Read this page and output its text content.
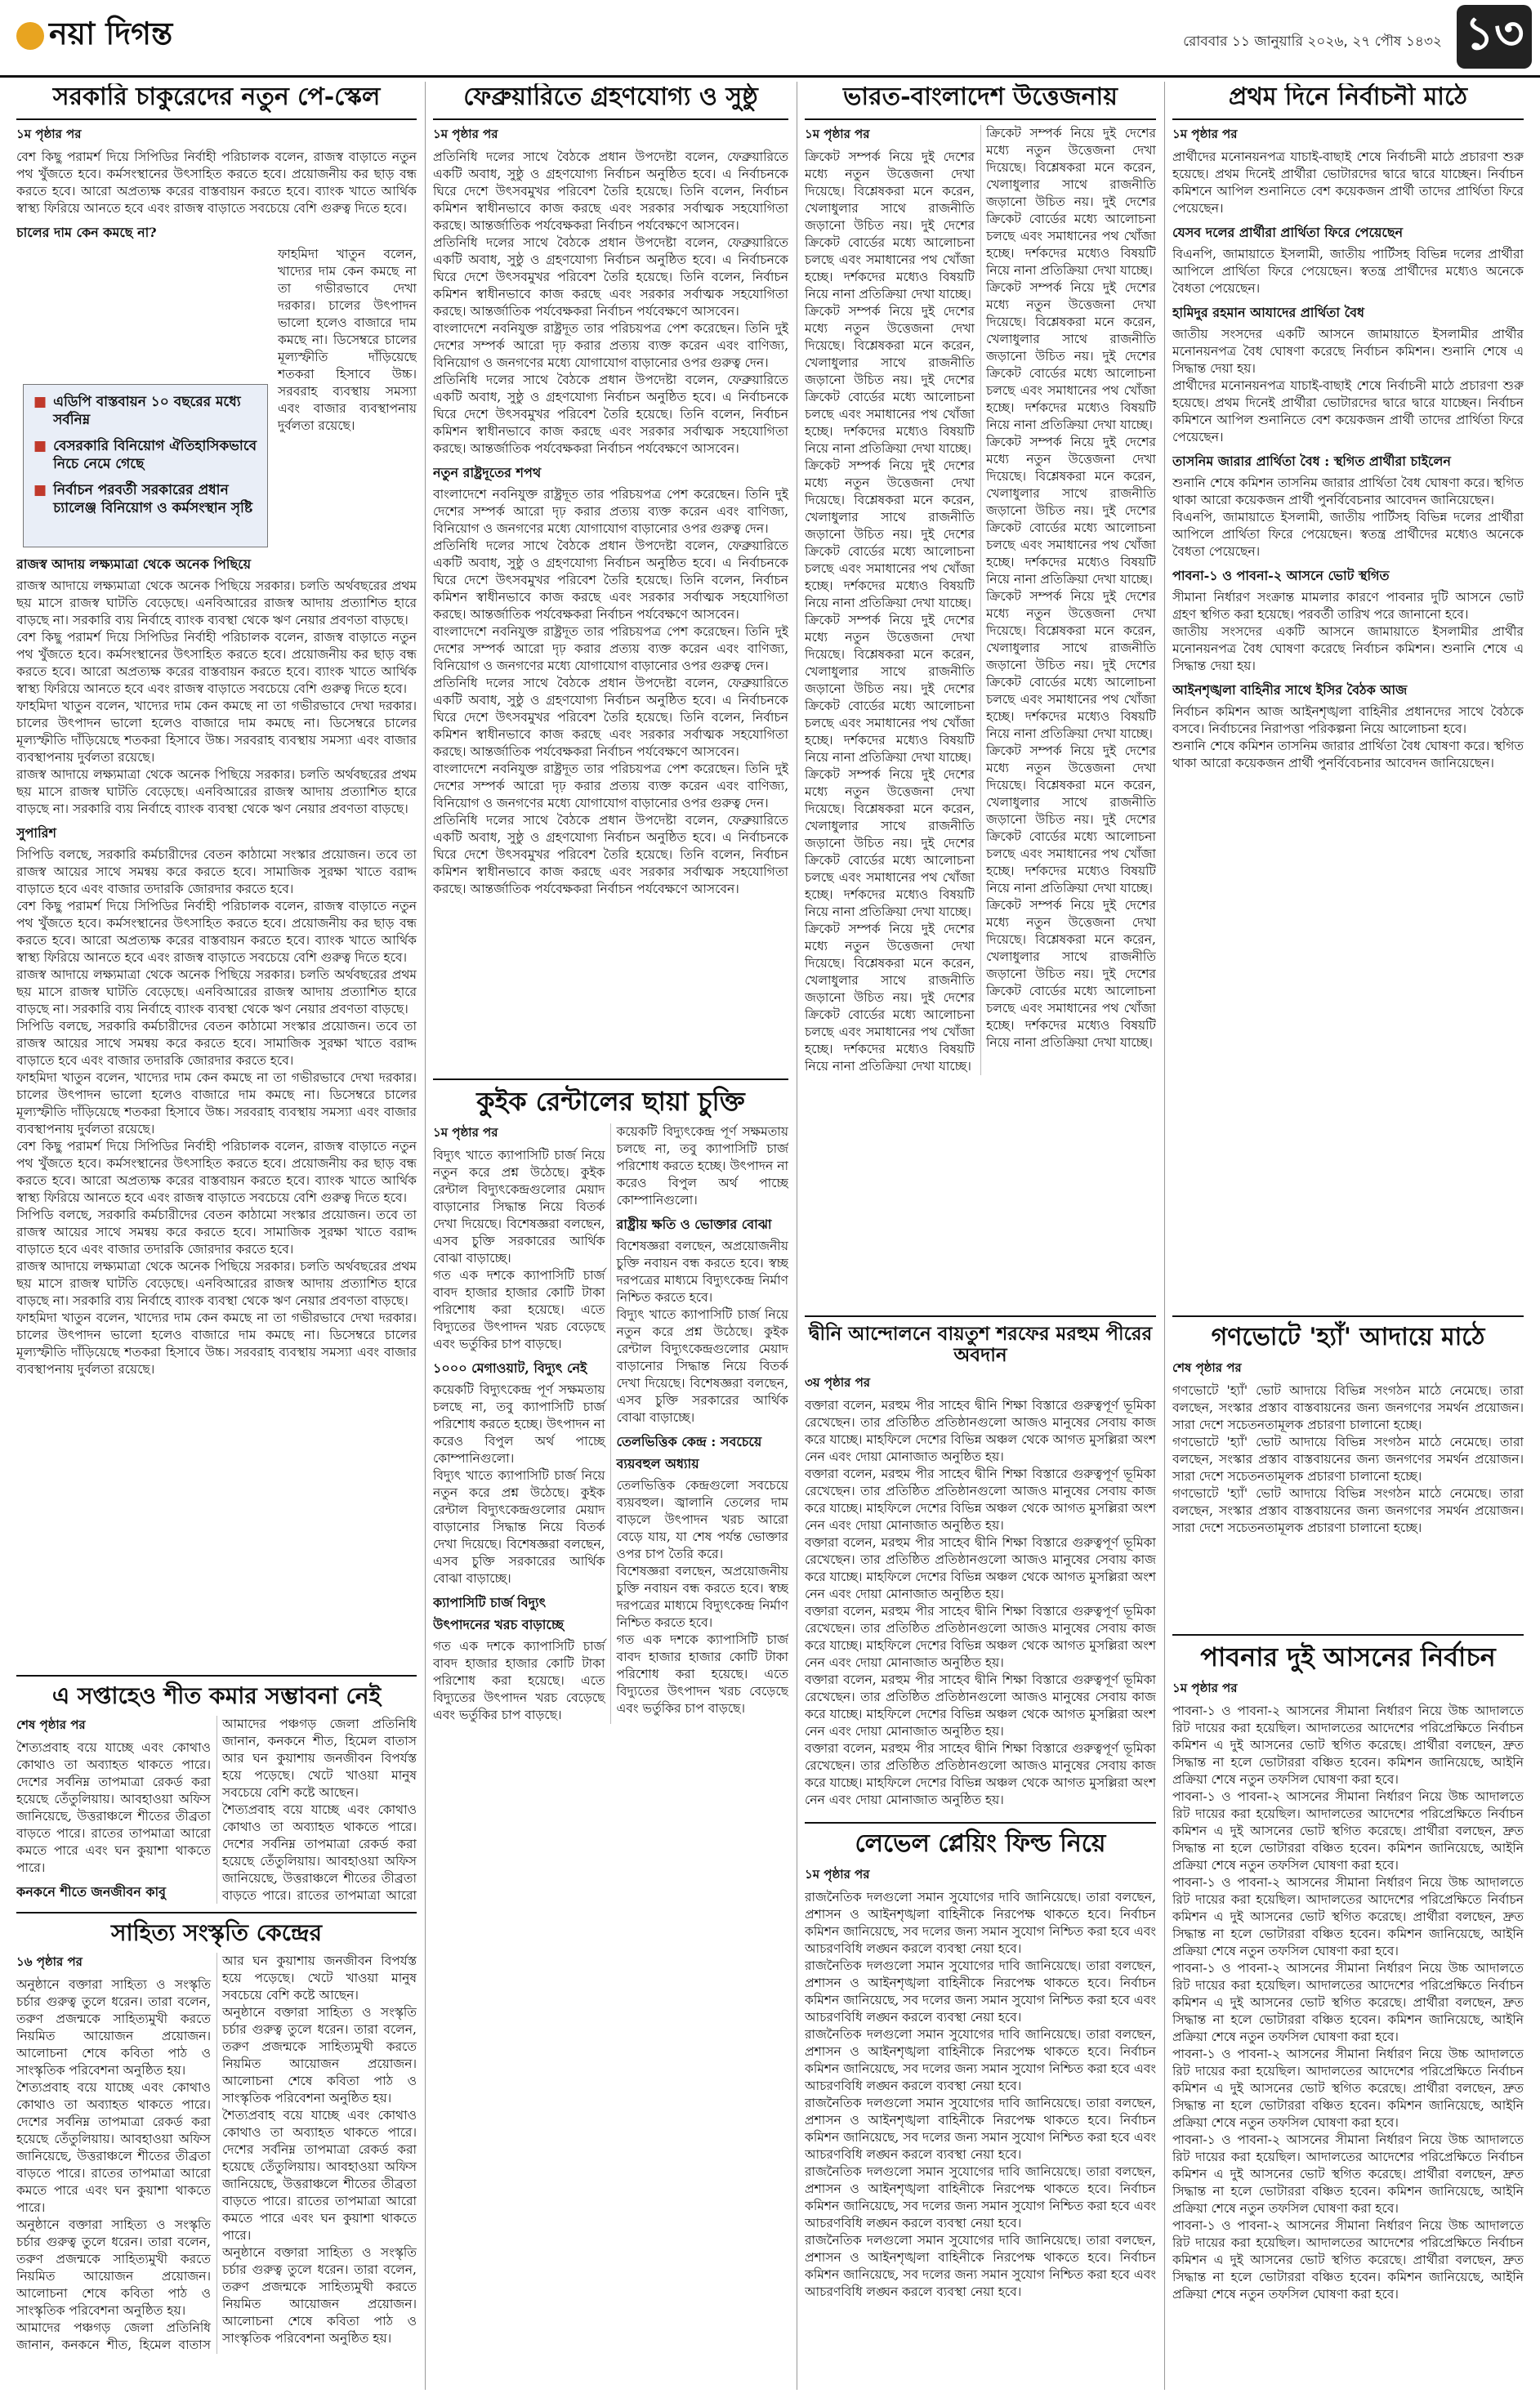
নয়া দিগন্ত	রোববার ১১ জানুয়ারি ২০২৬, ২৭ পৌষ ১৪৩২ ১৩
সরকারি চাকুরেদের নতুন পে-স্কেল

১ম পৃষ্ঠার পর

বেশ কিছু পরামর্শ দিয়ে সিপিডির নির্বাহী পরিচালক বলেন, রাজস্ব বাড়াতে নতুন পথ খুঁজতে হবে। কর্মসংস্থানের উৎসাহিত করতে হবে। প্রয়োজনীয় কর ছাড় বন্ধ করতে হবে। আরো অপ্রত্যক্ষ করের বাস্তবায়ন করতে হবে। ব্যাংক খাতে আর্থিক স্বাস্থ্য ফিরিয়ে আনতে হবে এবং রাজস্ব বাড়াতে সবচেয়ে বেশি গুরুত্ব দিতে হবে।

চালের দাম কেন কমছে না?

ফাহমিদা খাতুন বলেন, খাদ্যের দাম কেন কমছে না তা গভীরভাবে দেখা দরকার। চালের উৎপাদন ভালো হলেও বাজারে দাম কমছে না। ডিসেম্বরে চালের মূল্যস্ফীতি দাঁড়িয়েছে শতকরা হিসাবে উচ্চ। সরবরাহ ব্যবস্থায় সমস্যা এবং বাজার ব্যবস্থাপনায় দুর্বলতা রয়েছে।

রাজস্ব আদায় লক্ষ্যমাত্রা থেকে অনেক পিছিয়ে

রাজস্ব আদায়ে লক্ষ্যমাত্রা থেকে অনেক পিছিয়ে সরকার। চলতি অর্থবছরের প্রথম ছয় মাসে রাজস্ব ঘাটতি বেড়েছে। এনবিআরের রাজস্ব আদায় প্রত্যাশিত হারে বাড়ছে না। সরকারি ব্যয় নির্বাহে ব্যাংক ব্যবস্থা থেকে ঋণ নেয়ার প্রবণতা বাড়ছে।

বেশ কিছু পরামর্শ দিয়ে সিপিডির নির্বাহী পরিচালক বলেন, রাজস্ব বাড়াতে নতুন পথ খুঁজতে হবে। কর্মসংস্থানের উৎসাহিত করতে হবে। প্রয়োজনীয় কর ছাড় বন্ধ করতে হবে। আরো অপ্রত্যক্ষ করের বাস্তবায়ন করতে হবে। ব্যাংক খাতে আর্থিক স্বাস্থ্য ফিরিয়ে আনতে হবে এবং রাজস্ব বাড়াতে সবচেয়ে বেশি গুরুত্ব দিতে হবে।

ফাহমিদা খাতুন বলেন, খাদ্যের দাম কেন কমছে না তা গভীরভাবে দেখা দরকার। চালের উৎপাদন ভালো হলেও বাজারে দাম কমছে না। ডিসেম্বরে চালের মূল্যস্ফীতি দাঁড়িয়েছে শতকরা হিসাবে উচ্চ। সরবরাহ ব্যবস্থায় সমস্যা এবং বাজার ব্যবস্থাপনায় দুর্বলতা রয়েছে।

রাজস্ব আদায়ে লক্ষ্যমাত্রা থেকে অনেক পিছিয়ে সরকার। চলতি অর্থবছরের প্রথম ছয় মাসে রাজস্ব ঘাটতি বেড়েছে। এনবিআরের রাজস্ব আদায় প্রত্যাশিত হারে বাড়ছে না। সরকারি ব্যয় নির্বাহে ব্যাংক ব্যবস্থা থেকে ঋণ নেয়ার প্রবণতা বাড়ছে।

সুপারিশ

সিপিডি বলছে, সরকারি কর্মচারীদের বেতন কাঠামো সংস্কার প্রয়োজন। তবে তা রাজস্ব আয়ের সাথে সমন্বয় করে করতে হবে। সামাজিক সুরক্ষা খাতে বরাদ্দ বাড়াতে হবে এবং বাজার তদারকি জোরদার করতে হবে।

বেশ কিছু পরামর্শ দিয়ে সিপিডির নির্বাহী পরিচালক বলেন, রাজস্ব বাড়াতে নতুন পথ খুঁজতে হবে। কর্মসংস্থানের উৎসাহিত করতে হবে। প্রয়োজনীয় কর ছাড় বন্ধ করতে হবে। আরো অপ্রত্যক্ষ করের বাস্তবায়ন করতে হবে। ব্যাংক খাতে আর্থিক স্বাস্থ্য ফিরিয়ে আনতে হবে এবং রাজস্ব বাড়াতে সবচেয়ে বেশি গুরুত্ব দিতে হবে।

রাজস্ব আদায়ে লক্ষ্যমাত্রা থেকে অনেক পিছিয়ে সরকার। চলতি অর্থবছরের প্রথম ছয় মাসে রাজস্ব ঘাটতি বেড়েছে। এনবিআরের রাজস্ব আদায় প্রত্যাশিত হারে বাড়ছে না। সরকারি ব্যয় নির্বাহে ব্যাংক ব্যবস্থা থেকে ঋণ নেয়ার প্রবণতা বাড়ছে।

সিপিডি বলছে, সরকারি কর্মচারীদের বেতন কাঠামো সংস্কার প্রয়োজন। তবে তা রাজস্ব আয়ের সাথে সমন্বয় করে করতে হবে। সামাজিক সুরক্ষা খাতে বরাদ্দ বাড়াতে হবে এবং বাজার তদারকি জোরদার করতে হবে।

ফাহমিদা খাতুন বলেন, খাদ্যের দাম কেন কমছে না তা গভীরভাবে দেখা দরকার। চালের উৎপাদন ভালো হলেও বাজারে দাম কমছে না। ডিসেম্বরে চালের মূল্যস্ফীতি দাঁড়িয়েছে শতকরা হিসাবে উচ্চ। সরবরাহ ব্যবস্থায় সমস্যা এবং বাজার ব্যবস্থাপনায় দুর্বলতা রয়েছে।

বেশ কিছু পরামর্শ দিয়ে সিপিডির নির্বাহী পরিচালক বলেন, রাজস্ব বাড়াতে নতুন পথ খুঁজতে হবে। কর্মসংস্থানের উৎসাহিত করতে হবে। প্রয়োজনীয় কর ছাড় বন্ধ করতে হবে। আরো অপ্রত্যক্ষ করের বাস্তবায়ন করতে হবে। ব্যাংক খাতে আর্থিক স্বাস্থ্য ফিরিয়ে আনতে হবে এবং রাজস্ব বাড়াতে সবচেয়ে বেশি গুরুত্ব দিতে হবে।

সিপিডি বলছে, সরকারি কর্মচারীদের বেতন কাঠামো সংস্কার প্রয়োজন। তবে তা রাজস্ব আয়ের সাথে সমন্বয় করে করতে হবে। সামাজিক সুরক্ষা খাতে বরাদ্দ বাড়াতে হবে এবং বাজার তদারকি জোরদার করতে হবে।

রাজস্ব আদায়ে লক্ষ্যমাত্রা থেকে অনেক পিছিয়ে সরকার। চলতি অর্থবছরের প্রথম ছয় মাসে রাজস্ব ঘাটতি বেড়েছে। এনবিআরের রাজস্ব আদায় প্রত্যাশিত হারে বাড়ছে না। সরকারি ব্যয় নির্বাহে ব্যাংক ব্যবস্থা থেকে ঋণ নেয়ার প্রবণতা বাড়ছে।

ফাহমিদা খাতুন বলেন, খাদ্যের দাম কেন কমছে না তা গভীরভাবে দেখা দরকার। চালের উৎপাদন ভালো হলেও বাজারে দাম কমছে না। ডিসেম্বরে চালের মূল্যস্ফীতি দাঁড়িয়েছে শতকরা হিসাবে উচ্চ। সরবরাহ ব্যবস্থায় সমস্যা এবং বাজার ব্যবস্থাপনায় দুর্বলতা রয়েছে।

■ এডিপি বাস্তবায়ন ১০ বছরের মধ্যে সর্বনিম্ন
■ বেসরকারি বিনিয়োগ ঐতিহাসিকভাবে নিচে নেমে গেছে
■ নির্বাচন পরবর্তী সরকারের প্রধান চ্যালেঞ্জ বিনিয়োগ ও কর্মসংস্থান সৃষ্টি
এ সপ্তাহেও শীত কমার সম্ভাবনা নেই

শেষ পৃষ্ঠার পর

শৈত্যপ্রবাহ বয়ে যাচ্ছে এবং কোথাও কোথাও তা অব্যাহত থাকতে পারে। দেশের সর্বনিম্ন তাপমাত্রা রেকর্ড করা হয়েছে তেঁতুলিয়ায়। আবহাওয়া অফিস জানিয়েছে, উত্তরাঞ্চলে শীতের তীব্রতা বাড়তে পারে। রাতের তাপমাত্রা আরো কমতে পারে এবং ঘন কুয়াশা থাকতে পারে।

কনকনে শীতে জনজীবন কাবু

আমাদের পঞ্চগড় জেলা প্রতিনিধি জানান, কনকনে শীত, হিমেল বাতাস আর ঘন কুয়াশায় জনজীবন বিপর্যস্ত হয়ে পড়েছে। খেটে খাওয়া মানুষ সবচেয়ে বেশি কষ্টে আছেন।

শৈত্যপ্রবাহ বয়ে যাচ্ছে এবং কোথাও কোথাও তা অব্যাহত থাকতে পারে। দেশের সর্বনিম্ন তাপমাত্রা রেকর্ড করা হয়েছে তেঁতুলিয়ায়। আবহাওয়া অফিস জানিয়েছে, উত্তরাঞ্চলে শীতের তীব্রতা বাড়তে পারে। রাতের তাপমাত্রা আরো

সাহিত্য সংস্কৃতি কেন্দ্রের

১৬ পৃষ্ঠার পর

অনুষ্ঠানে বক্তারা সাহিত্য ও সংস্কৃতি চর্চার গুরুত্ব তুলে ধরেন। তারা বলেন, তরুণ প্রজন্মকে সাহিত্যমুখী করতে নিয়মিত আয়োজন প্রয়োজন। আলোচনা শেষে কবিতা পাঠ ও সাংস্কৃতিক পরিবেশনা অনুষ্ঠিত হয়।

শৈত্যপ্রবাহ বয়ে যাচ্ছে এবং কোথাও কোথাও তা অব্যাহত থাকতে পারে। দেশের সর্বনিম্ন তাপমাত্রা রেকর্ড করা হয়েছে তেঁতুলিয়ায়। আবহাওয়া অফিস জানিয়েছে, উত্তরাঞ্চলে শীতের তীব্রতা বাড়তে পারে। রাতের তাপমাত্রা আরো কমতে পারে এবং ঘন কুয়াশা থাকতে পারে।

অনুষ্ঠানে বক্তারা সাহিত্য ও সংস্কৃতি চর্চার গুরুত্ব তুলে ধরেন। তারা বলেন, তরুণ প্রজন্মকে সাহিত্যমুখী করতে নিয়মিত আয়োজন প্রয়োজন। আলোচনা শেষে কবিতা পাঠ ও সাংস্কৃতিক পরিবেশনা অনুষ্ঠিত হয়।

আমাদের পঞ্চগড় জেলা প্রতিনিধি জানান, কনকনে শীত, হিমেল বাতাস আর ঘন কুয়াশায় জনজীবন বিপর্যস্ত হয়ে পড়েছে। খেটে খাওয়া মানুষ সবচেয়ে বেশি কষ্টে আছেন।

অনুষ্ঠানে বক্তারা সাহিত্য ও সংস্কৃতি চর্চার গুরুত্ব তুলে ধরেন। তারা বলেন, তরুণ প্রজন্মকে সাহিত্যমুখী করতে নিয়মিত আয়োজন প্রয়োজন। আলোচনা শেষে কবিতা পাঠ ও সাংস্কৃতিক পরিবেশনা অনুষ্ঠিত হয়।

শৈত্যপ্রবাহ বয়ে যাচ্ছে এবং কোথাও কোথাও তা অব্যাহত থাকতে পারে। দেশের সর্বনিম্ন তাপমাত্রা রেকর্ড করা হয়েছে তেঁতুলিয়ায়। আবহাওয়া অফিস জানিয়েছে, উত্তরাঞ্চলে শীতের তীব্রতা বাড়তে পারে। রাতের তাপমাত্রা আরো কমতে পারে এবং ঘন কুয়াশা থাকতে পারে।

অনুষ্ঠানে বক্তারা সাহিত্য ও সংস্কৃতি চর্চার গুরুত্ব তুলে ধরেন। তারা বলেন, তরুণ প্রজন্মকে সাহিত্যমুখী করতে নিয়মিত আয়োজন প্রয়োজন। আলোচনা শেষে কবিতা পাঠ ও সাংস্কৃতিক পরিবেশনা অনুষ্ঠিত হয়।

ফেব্রুয়ারিতে গ্রহণযোগ্য ও সুষ্ঠু

১ম পৃষ্ঠার পর

প্রতিনিধি দলের সাথে বৈঠকে প্রধান উপদেষ্টা বলেন, ফেব্রুয়ারিতে একটি অবাধ, সুষ্ঠু ও গ্রহণযোগ্য নির্বাচন অনুষ্ঠিত হবে। এ নির্বাচনকে ঘিরে দেশে উৎসবমুখর পরিবেশ তৈরি হয়েছে। তিনি বলেন, নির্বাচন কমিশন স্বাধীনভাবে কাজ করছে এবং সরকার সর্বাত্মক সহযোগিতা করছে। আন্তর্জাতিক পর্যবেক্ষকরা নির্বাচন পর্যবেক্ষণে আসবেন।

প্রতিনিধি দলের সাথে বৈঠকে প্রধান উপদেষ্টা বলেন, ফেব্রুয়ারিতে একটি অবাধ, সুষ্ঠু ও গ্রহণযোগ্য নির্বাচন অনুষ্ঠিত হবে। এ নির্বাচনকে ঘিরে দেশে উৎসবমুখর পরিবেশ তৈরি হয়েছে। তিনি বলেন, নির্বাচন কমিশন স্বাধীনভাবে কাজ করছে এবং সরকার সর্বাত্মক সহযোগিতা করছে। আন্তর্জাতিক পর্যবেক্ষকরা নির্বাচন পর্যবেক্ষণে আসবেন।

বাংলাদেশে নবনিযুক্ত রাষ্ট্রদূত তার পরিচয়পত্র পেশ করেছেন। তিনি দুই দেশের সম্পর্ক আরো দৃঢ় করার প্রত্যয় ব্যক্ত করেন এবং বাণিজ্য, বিনিয়োগ ও জনগণের মধ্যে যোগাযোগ বাড়ানোর ওপর গুরুত্ব দেন।

প্রতিনিধি দলের সাথে বৈঠকে প্রধান উপদেষ্টা বলেন, ফেব্রুয়ারিতে একটি অবাধ, সুষ্ঠু ও গ্রহণযোগ্য নির্বাচন অনুষ্ঠিত হবে। এ নির্বাচনকে ঘিরে দেশে উৎসবমুখর পরিবেশ তৈরি হয়েছে। তিনি বলেন, নির্বাচন কমিশন স্বাধীনভাবে কাজ করছে এবং সরকার সর্বাত্মক সহযোগিতা করছে। আন্তর্জাতিক পর্যবেক্ষকরা নির্বাচন পর্যবেক্ষণে আসবেন।

নতুন রাষ্ট্রদূতের শপথ

বাংলাদেশে নবনিযুক্ত রাষ্ট্রদূত তার পরিচয়পত্র পেশ করেছেন। তিনি দুই দেশের সম্পর্ক আরো দৃঢ় করার প্রত্যয় ব্যক্ত করেন এবং বাণিজ্য, বিনিয়োগ ও জনগণের মধ্যে যোগাযোগ বাড়ানোর ওপর গুরুত্ব দেন।

প্রতিনিধি দলের সাথে বৈঠকে প্রধান উপদেষ্টা বলেন, ফেব্রুয়ারিতে একটি অবাধ, সুষ্ঠু ও গ্রহণযোগ্য নির্বাচন অনুষ্ঠিত হবে। এ নির্বাচনকে ঘিরে দেশে উৎসবমুখর পরিবেশ তৈরি হয়েছে। তিনি বলেন, নির্বাচন কমিশন স্বাধীনভাবে কাজ করছে এবং সরকার সর্বাত্মক সহযোগিতা করছে। আন্তর্জাতিক পর্যবেক্ষকরা নির্বাচন পর্যবেক্ষণে আসবেন।

বাংলাদেশে নবনিযুক্ত রাষ্ট্রদূত তার পরিচয়পত্র পেশ করেছেন। তিনি দুই দেশের সম্পর্ক আরো দৃঢ় করার প্রত্যয় ব্যক্ত করেন এবং বাণিজ্য, বিনিয়োগ ও জনগণের মধ্যে যোগাযোগ বাড়ানোর ওপর গুরুত্ব দেন।

প্রতিনিধি দলের সাথে বৈঠকে প্রধান উপদেষ্টা বলেন, ফেব্রুয়ারিতে একটি অবাধ, সুষ্ঠু ও গ্রহণযোগ্য নির্বাচন অনুষ্ঠিত হবে। এ নির্বাচনকে ঘিরে দেশে উৎসবমুখর পরিবেশ তৈরি হয়েছে। তিনি বলেন, নির্বাচন কমিশন স্বাধীনভাবে কাজ করছে এবং সরকার সর্বাত্মক সহযোগিতা করছে। আন্তর্জাতিক পর্যবেক্ষকরা নির্বাচন পর্যবেক্ষণে আসবেন।

বাংলাদেশে নবনিযুক্ত রাষ্ট্রদূত তার পরিচয়পত্র পেশ করেছেন। তিনি দুই দেশের সম্পর্ক আরো দৃঢ় করার প্রত্যয় ব্যক্ত করেন এবং বাণিজ্য, বিনিয়োগ ও জনগণের মধ্যে যোগাযোগ বাড়ানোর ওপর গুরুত্ব দেন।

প্রতিনিধি দলের সাথে বৈঠকে প্রধান উপদেষ্টা বলেন, ফেব্রুয়ারিতে একটি অবাধ, সুষ্ঠু ও গ্রহণযোগ্য নির্বাচন অনুষ্ঠিত হবে। এ নির্বাচনকে ঘিরে দেশে উৎসবমুখর পরিবেশ তৈরি হয়েছে। তিনি বলেন, নির্বাচন কমিশন স্বাধীনভাবে কাজ করছে এবং সরকার সর্বাত্মক সহযোগিতা করছে। আন্তর্জাতিক পর্যবেক্ষকরা নির্বাচন পর্যবেক্ষণে আসবেন।

কুইক রেন্টালের ছায়া চুক্তি

১ম পৃষ্ঠার পর

বিদ্যুৎ খাতে ক্যাপাসিটি চার্জ নিয়ে নতুন করে প্রশ্ন উঠেছে। কুইক রেন্টাল বিদ্যুৎকেন্দ্রগুলোর মেয়াদ বাড়ানোর সিদ্ধান্ত নিয়ে বিতর্ক দেখা দিয়েছে। বিশেষজ্ঞরা বলছেন, এসব চুক্তি সরকারের আর্থিক বোঝা বাড়াচ্ছে।

গত এক দশকে ক্যাপাসিটি চার্জ বাবদ হাজার হাজার কোটি টাকা পরিশোধ করা হয়েছে। এতে বিদ্যুতের উৎপাদন খরচ বেড়েছে এবং ভর্তুকির চাপ বাড়ছে।

১০০০ মেগাওয়াট, বিদ্যুৎ নেই

কয়েকটি বিদ্যুৎকেন্দ্র পূর্ণ সক্ষমতায় চলছে না, তবু ক্যাপাসিটি চার্জ পরিশোধ করতে হচ্ছে। উৎপাদন না করেও বিপুল অর্থ পাচ্ছে কোম্পানিগুলো।

বিদ্যুৎ খাতে ক্যাপাসিটি চার্জ নিয়ে নতুন করে প্রশ্ন উঠেছে। কুইক রেন্টাল বিদ্যুৎকেন্দ্রগুলোর মেয়াদ বাড়ানোর সিদ্ধান্ত নিয়ে বিতর্ক দেখা দিয়েছে। বিশেষজ্ঞরা বলছেন, এসব চুক্তি সরকারের আর্থিক বোঝা বাড়াচ্ছে।

ক্যাপাসিটি চার্জ বিদ্যুৎ উৎপাদনের খরচ বাড়াচ্ছে

গত এক দশকে ক্যাপাসিটি চার্জ বাবদ হাজার হাজার কোটি টাকা পরিশোধ করা হয়েছে। এতে বিদ্যুতের উৎপাদন খরচ বেড়েছে এবং ভর্তুকির চাপ বাড়ছে।

কয়েকটি বিদ্যুৎকেন্দ্র পূর্ণ সক্ষমতায় চলছে না, তবু ক্যাপাসিটি চার্জ পরিশোধ করতে হচ্ছে। উৎপাদন না করেও বিপুল অর্থ পাচ্ছে কোম্পানিগুলো।

রাষ্ট্রীয় ক্ষতি ও ভোক্তার বোঝা

বিশেষজ্ঞরা বলছেন, অপ্রয়োজনীয় চুক্তি নবায়ন বন্ধ করতে হবে। স্বচ্ছ দরপত্রের মাধ্যমে বিদ্যুৎকেন্দ্র নির্মাণ নিশ্চিত করতে হবে।

বিদ্যুৎ খাতে ক্যাপাসিটি চার্জ নিয়ে নতুন করে প্রশ্ন উঠেছে। কুইক রেন্টাল বিদ্যুৎকেন্দ্রগুলোর মেয়াদ বাড়ানোর সিদ্ধান্ত নিয়ে বিতর্ক দেখা দিয়েছে। বিশেষজ্ঞরা বলছেন, এসব চুক্তি সরকারের আর্থিক বোঝা বাড়াচ্ছে।

তেলভিত্তিক কেন্দ্র : সবচেয়ে ব্যয়বহুল অধ্যায়

তেলভিত্তিক কেন্দ্রগুলো সবচেয়ে ব্যয়বহুল। জ্বালানি তেলের দাম বাড়লে উৎপাদন খরচ আরো বেড়ে যায়, যা শেষ পর্যন্ত ভোক্তার ওপর চাপ তৈরি করে।

বিশেষজ্ঞরা বলছেন, অপ্রয়োজনীয় চুক্তি নবায়ন বন্ধ করতে হবে। স্বচ্ছ দরপত্রের মাধ্যমে বিদ্যুৎকেন্দ্র নির্মাণ নিশ্চিত করতে হবে।

গত এক দশকে ক্যাপাসিটি চার্জ বাবদ হাজার হাজার কোটি টাকা পরিশোধ করা হয়েছে। এতে বিদ্যুতের উৎপাদন খরচ বেড়েছে এবং ভর্তুকির চাপ বাড়ছে।

ভারত-বাংলাদেশ উত্তেজনায়

১ম পৃষ্ঠার পর

ক্রিকেট সম্পর্ক নিয়ে দুই দেশের মধ্যে নতুন উত্তেজনা দেখা দিয়েছে। বিশ্লেষকরা মনে করেন, খেলাধুলার সাথে রাজনীতি জড়ানো উচিত নয়। দুই দেশের ক্রিকেট বোর্ডের মধ্যে আলোচনা চলছে এবং সমাধানের পথ খোঁজা হচ্ছে। দর্শকদের মধ্যেও বিষয়টি নিয়ে নানা প্রতিক্রিয়া দেখা যাচ্ছে।

ক্রিকেট সম্পর্ক নিয়ে দুই দেশের মধ্যে নতুন উত্তেজনা দেখা দিয়েছে। বিশ্লেষকরা মনে করেন, খেলাধুলার সাথে রাজনীতি জড়ানো উচিত নয়। দুই দেশের ক্রিকেট বোর্ডের মধ্যে আলোচনা চলছে এবং সমাধানের পথ খোঁজা হচ্ছে। দর্শকদের মধ্যেও বিষয়টি নিয়ে নানা প্রতিক্রিয়া দেখা যাচ্ছে।

ক্রিকেট সম্পর্ক নিয়ে দুই দেশের মধ্যে নতুন উত্তেজনা দেখা দিয়েছে। বিশ্লেষকরা মনে করেন, খেলাধুলার সাথে রাজনীতি জড়ানো উচিত নয়। দুই দেশের ক্রিকেট বোর্ডের মধ্যে আলোচনা চলছে এবং সমাধানের পথ খোঁজা হচ্ছে। দর্শকদের মধ্যেও বিষয়টি নিয়ে নানা প্রতিক্রিয়া দেখা যাচ্ছে।

ক্রিকেট সম্পর্ক নিয়ে দুই দেশের মধ্যে নতুন উত্তেজনা দেখা দিয়েছে। বিশ্লেষকরা মনে করেন, খেলাধুলার সাথে রাজনীতি জড়ানো উচিত নয়। দুই দেশের ক্রিকেট বোর্ডের মধ্যে আলোচনা চলছে এবং সমাধানের পথ খোঁজা হচ্ছে। দর্শকদের মধ্যেও বিষয়টি নিয়ে নানা প্রতিক্রিয়া দেখা যাচ্ছে।

ক্রিকেট সম্পর্ক নিয়ে দুই দেশের মধ্যে নতুন উত্তেজনা দেখা দিয়েছে। বিশ্লেষকরা মনে করেন, খেলাধুলার সাথে রাজনীতি জড়ানো উচিত নয়। দুই দেশের ক্রিকেট বোর্ডের মধ্যে আলোচনা চলছে এবং সমাধানের পথ খোঁজা হচ্ছে। দর্শকদের মধ্যেও বিষয়টি নিয়ে নানা প্রতিক্রিয়া দেখা যাচ্ছে।

ক্রিকেট সম্পর্ক নিয়ে দুই দেশের মধ্যে নতুন উত্তেজনা দেখা দিয়েছে। বিশ্লেষকরা মনে করেন, খেলাধুলার সাথে রাজনীতি জড়ানো উচিত নয়। দুই দেশের ক্রিকেট বোর্ডের মধ্যে আলোচনা চলছে এবং সমাধানের পথ খোঁজা হচ্ছে। দর্শকদের মধ্যেও বিষয়টি নিয়ে নানা প্রতিক্রিয়া দেখা যাচ্ছে।

ক্রিকেট সম্পর্ক নিয়ে দুই দেশের মধ্যে নতুন উত্তেজনা দেখা দিয়েছে। বিশ্লেষকরা মনে করেন, খেলাধুলার সাথে রাজনীতি জড়ানো উচিত নয়। দুই দেশের ক্রিকেট বোর্ডের মধ্যে আলোচনা চলছে এবং সমাধানের পথ খোঁজা হচ্ছে। দর্শকদের মধ্যেও বিষয়টি নিয়ে নানা প্রতিক্রিয়া দেখা যাচ্ছে।

ক্রিকেট সম্পর্ক নিয়ে দুই দেশের মধ্যে নতুন উত্তেজনা দেখা দিয়েছে। বিশ্লেষকরা মনে করেন, খেলাধুলার সাথে রাজনীতি জড়ানো উচিত নয়। দুই দেশের ক্রিকেট বোর্ডের মধ্যে আলোচনা চলছে এবং সমাধানের পথ খোঁজা হচ্ছে। দর্শকদের মধ্যেও বিষয়টি নিয়ে নানা প্রতিক্রিয়া দেখা যাচ্ছে।

ক্রিকেট সম্পর্ক নিয়ে দুই দেশের মধ্যে নতুন উত্তেজনা দেখা দিয়েছে। বিশ্লেষকরা মনে করেন, খেলাধুলার সাথে রাজনীতি জড়ানো উচিত নয়। দুই দেশের ক্রিকেট বোর্ডের মধ্যে আলোচনা চলছে এবং সমাধানের পথ খোঁজা হচ্ছে। দর্শকদের মধ্যেও বিষয়টি নিয়ে নানা প্রতিক্রিয়া দেখা যাচ্ছে।

ক্রিকেট সম্পর্ক নিয়ে দুই দেশের মধ্যে নতুন উত্তেজনা দেখা দিয়েছে। বিশ্লেষকরা মনে করেন, খেলাধুলার সাথে রাজনীতি জড়ানো উচিত নয়। দুই দেশের ক্রিকেট বোর্ডের মধ্যে আলোচনা চলছে এবং সমাধানের পথ খোঁজা হচ্ছে। দর্শকদের মধ্যেও বিষয়টি নিয়ে নানা প্রতিক্রিয়া দেখা যাচ্ছে।

ক্রিকেট সম্পর্ক নিয়ে দুই দেশের মধ্যে নতুন উত্তেজনা দেখা দিয়েছে। বিশ্লেষকরা মনে করেন, খেলাধুলার সাথে রাজনীতি জড়ানো উচিত নয়। দুই দেশের ক্রিকেট বোর্ডের মধ্যে আলোচনা চলছে এবং সমাধানের পথ খোঁজা হচ্ছে। দর্শকদের মধ্যেও বিষয়টি নিয়ে নানা প্রতিক্রিয়া দেখা যাচ্ছে।

ক্রিকেট সম্পর্ক নিয়ে দুই দেশের মধ্যে নতুন উত্তেজনা দেখা দিয়েছে। বিশ্লেষকরা মনে করেন, খেলাধুলার সাথে রাজনীতি জড়ানো উচিত নয়। দুই দেশের ক্রিকেট বোর্ডের মধ্যে আলোচনা চলছে এবং সমাধানের পথ খোঁজা হচ্ছে। দর্শকদের মধ্যেও বিষয়টি নিয়ে নানা প্রতিক্রিয়া দেখা যাচ্ছে।

দ্বীনি আন্দোলনে বায়তুশ শরফের মরহুম পীরের অবদান

৩য় পৃষ্ঠার পর

বক্তারা বলেন, মরহুম পীর সাহেব দ্বীনি শিক্ষা বিস্তারে গুরুত্বপূর্ণ ভূমিকা রেখেছেন। তার প্রতিষ্ঠিত প্রতিষ্ঠানগুলো আজও মানুষের সেবায় কাজ করে যাচ্ছে। মাহফিলে দেশের বিভিন্ন অঞ্চল থেকে আগত মুসল্লিরা অংশ নেন এবং দোয়া মোনাজাত অনুষ্ঠিত হয়।

বক্তারা বলেন, মরহুম পীর সাহেব দ্বীনি শিক্ষা বিস্তারে গুরুত্বপূর্ণ ভূমিকা রেখেছেন। তার প্রতিষ্ঠিত প্রতিষ্ঠানগুলো আজও মানুষের সেবায় কাজ করে যাচ্ছে। মাহফিলে দেশের বিভিন্ন অঞ্চল থেকে আগত মুসল্লিরা অংশ নেন এবং দোয়া মোনাজাত অনুষ্ঠিত হয়।

বক্তারা বলেন, মরহুম পীর সাহেব দ্বীনি শিক্ষা বিস্তারে গুরুত্বপূর্ণ ভূমিকা রেখেছেন। তার প্রতিষ্ঠিত প্রতিষ্ঠানগুলো আজও মানুষের সেবায় কাজ করে যাচ্ছে। মাহফিলে দেশের বিভিন্ন অঞ্চল থেকে আগত মুসল্লিরা অংশ নেন এবং দোয়া মোনাজাত অনুষ্ঠিত হয়।

বক্তারা বলেন, মরহুম পীর সাহেব দ্বীনি শিক্ষা বিস্তারে গুরুত্বপূর্ণ ভূমিকা রেখেছেন। তার প্রতিষ্ঠিত প্রতিষ্ঠানগুলো আজও মানুষের সেবায় কাজ করে যাচ্ছে। মাহফিলে দেশের বিভিন্ন অঞ্চল থেকে আগত মুসল্লিরা অংশ নেন এবং দোয়া মোনাজাত অনুষ্ঠিত হয়।

বক্তারা বলেন, মরহুম পীর সাহেব দ্বীনি শিক্ষা বিস্তারে গুরুত্বপূর্ণ ভূমিকা রেখেছেন। তার প্রতিষ্ঠিত প্রতিষ্ঠানগুলো আজও মানুষের সেবায় কাজ করে যাচ্ছে। মাহফিলে দেশের বিভিন্ন অঞ্চল থেকে আগত মুসল্লিরা অংশ নেন এবং দোয়া মোনাজাত অনুষ্ঠিত হয়।

বক্তারা বলেন, মরহুম পীর সাহেব দ্বীনি শিক্ষা বিস্তারে গুরুত্বপূর্ণ ভূমিকা রেখেছেন। তার প্রতিষ্ঠিত প্রতিষ্ঠানগুলো আজও মানুষের সেবায় কাজ করে যাচ্ছে। মাহফিলে দেশের বিভিন্ন অঞ্চল থেকে আগত মুসল্লিরা অংশ নেন এবং দোয়া মোনাজাত অনুষ্ঠিত হয়।

লেভেল প্লেয়িং ফিল্ড নিয়ে

১ম পৃষ্ঠার পর

রাজনৈতিক দলগুলো সমান সুযোগের দাবি জানিয়েছে। তারা বলছেন, প্রশাসন ও আইনশৃঙ্খলা বাহিনীকে নিরপেক্ষ থাকতে হবে। নির্বাচন কমিশন জানিয়েছে, সব দলের জন্য সমান সুযোগ নিশ্চিত করা হবে এবং আচরণবিধি লঙ্ঘন করলে ব্যবস্থা নেয়া হবে।

রাজনৈতিক দলগুলো সমান সুযোগের দাবি জানিয়েছে। তারা বলছেন, প্রশাসন ও আইনশৃঙ্খলা বাহিনীকে নিরপেক্ষ থাকতে হবে। নির্বাচন কমিশন জানিয়েছে, সব দলের জন্য সমান সুযোগ নিশ্চিত করা হবে এবং আচরণবিধি লঙ্ঘন করলে ব্যবস্থা নেয়া হবে।

রাজনৈতিক দলগুলো সমান সুযোগের দাবি জানিয়েছে। তারা বলছেন, প্রশাসন ও আইনশৃঙ্খলা বাহিনীকে নিরপেক্ষ থাকতে হবে। নির্বাচন কমিশন জানিয়েছে, সব দলের জন্য সমান সুযোগ নিশ্চিত করা হবে এবং আচরণবিধি লঙ্ঘন করলে ব্যবস্থা নেয়া হবে।

রাজনৈতিক দলগুলো সমান সুযোগের দাবি জানিয়েছে। তারা বলছেন, প্রশাসন ও আইনশৃঙ্খলা বাহিনীকে নিরপেক্ষ থাকতে হবে। নির্বাচন কমিশন জানিয়েছে, সব দলের জন্য সমান সুযোগ নিশ্চিত করা হবে এবং আচরণবিধি লঙ্ঘন করলে ব্যবস্থা নেয়া হবে।

রাজনৈতিক দলগুলো সমান সুযোগের দাবি জানিয়েছে। তারা বলছেন, প্রশাসন ও আইনশৃঙ্খলা বাহিনীকে নিরপেক্ষ থাকতে হবে। নির্বাচন কমিশন জানিয়েছে, সব দলের জন্য সমান সুযোগ নিশ্চিত করা হবে এবং আচরণবিধি লঙ্ঘন করলে ব্যবস্থা নেয়া হবে।

রাজনৈতিক দলগুলো সমান সুযোগের দাবি জানিয়েছে। তারা বলছেন, প্রশাসন ও আইনশৃঙ্খলা বাহিনীকে নিরপেক্ষ থাকতে হবে। নির্বাচন কমিশন জানিয়েছে, সব দলের জন্য সমান সুযোগ নিশ্চিত করা হবে এবং আচরণবিধি লঙ্ঘন করলে ব্যবস্থা নেয়া হবে।

প্রথম দিনে নির্বাচনী মাঠে

১ম পৃষ্ঠার পর

প্রার্থীদের মনোনয়নপত্র যাচাই-বাছাই শেষে নির্বাচনী মাঠে প্রচারণা শুরু হয়েছে। প্রথম দিনেই প্রার্থীরা ভোটারদের দ্বারে দ্বারে যাচ্ছেন। নির্বাচন কমিশনে আপিল শুনানিতে বেশ কয়েকজন প্রার্থী তাদের প্রার্থিতা ফিরে পেয়েছেন।

যেসব দলের প্রার্থীরা প্রার্থিতা ফিরে পেয়েছেন

বিএনপি, জামায়াতে ইসলামী, জাতীয় পার্টিসহ বিভিন্ন দলের প্রার্থীরা আপিলে প্রার্থিতা ফিরে পেয়েছেন। স্বতন্ত্র প্রার্থীদের মধ্যেও অনেকে বৈধতা পেয়েছেন।

হামিদুর রহমান আযাদের প্রার্থিতা বৈধ

জাতীয় সংসদের একটি আসনে জামায়াতে ইসলামীর প্রার্থীর মনোনয়নপত্র বৈধ ঘোষণা করেছে নির্বাচন কমিশন। শুনানি শেষে এ সিদ্ধান্ত দেয়া হয়।

প্রার্থীদের মনোনয়নপত্র যাচাই-বাছাই শেষে নির্বাচনী মাঠে প্রচারণা শুরু হয়েছে। প্রথম দিনেই প্রার্থীরা ভোটারদের দ্বারে দ্বারে যাচ্ছেন। নির্বাচন কমিশনে আপিল শুনানিতে বেশ কয়েকজন প্রার্থী তাদের প্রার্থিতা ফিরে পেয়েছেন।

তাসনিম জারার প্রার্থিতা বৈধ : স্থগিত প্রার্থীরা চাইলেন

শুনানি শেষে কমিশন তাসনিম জারার প্রার্থিতা বৈধ ঘোষণা করে। স্থগিত থাকা আরো কয়েকজন প্রার্থী পুনর্বিবেচনার আবেদন জানিয়েছেন।

বিএনপি, জামায়াতে ইসলামী, জাতীয় পার্টিসহ বিভিন্ন দলের প্রার্থীরা আপিলে প্রার্থিতা ফিরে পেয়েছেন। স্বতন্ত্র প্রার্থীদের মধ্যেও অনেকে বৈধতা পেয়েছেন।

পাবনা-১ ও পাবনা-২ আসনে ভোট স্থগিত

সীমানা নির্ধারণ সংক্রান্ত মামলার কারণে পাবনার দুটি আসনে ভোট গ্রহণ স্থগিত করা হয়েছে। পরবর্তী তারিখ পরে জানানো হবে।

জাতীয় সংসদের একটি আসনে জামায়াতে ইসলামীর প্রার্থীর মনোনয়নপত্র বৈধ ঘোষণা করেছে নির্বাচন কমিশন। শুনানি শেষে এ সিদ্ধান্ত দেয়া হয়।

আইনশৃঙ্খলা বাহিনীর সাথে ইসির বৈঠক আজ

নির্বাচন কমিশন আজ আইনশৃঙ্খলা বাহিনীর প্রধানদের সাথে বৈঠকে বসবে। নির্বাচনের নিরাপত্তা পরিকল্পনা নিয়ে আলোচনা হবে।

শুনানি শেষে কমিশন তাসনিম জারার প্রার্থিতা বৈধ ঘোষণা করে। স্থগিত থাকা আরো কয়েকজন প্রার্থী পুনর্বিবেচনার আবেদন জানিয়েছেন।

গণভোটে 'হ্যাঁ' আদায়ে মাঠে

শেষ পৃষ্ঠার পর

গণভোটে 'হ্যাঁ' ভোট আদায়ে বিভিন্ন সংগঠন মাঠে নেমেছে। তারা বলছেন, সংস্কার প্রস্তাব বাস্তবায়নের জন্য জনগণের সমর্থন প্রয়োজন। সারা দেশে সচেতনতামূলক প্রচারণা চালানো হচ্ছে।

গণভোটে 'হ্যাঁ' ভোট আদায়ে বিভিন্ন সংগঠন মাঠে নেমেছে। তারা বলছেন, সংস্কার প্রস্তাব বাস্তবায়নের জন্য জনগণের সমর্থন প্রয়োজন। সারা দেশে সচেতনতামূলক প্রচারণা চালানো হচ্ছে।

গণভোটে 'হ্যাঁ' ভোট আদায়ে বিভিন্ন সংগঠন মাঠে নেমেছে। তারা বলছেন, সংস্কার প্রস্তাব বাস্তবায়নের জন্য জনগণের সমর্থন প্রয়োজন। সারা দেশে সচেতনতামূলক প্রচারণা চালানো হচ্ছে।

পাবনার দুই আসনের নির্বাচন

১ম পৃষ্ঠার পর

পাবনা-১ ও পাবনা-২ আসনের সীমানা নির্ধারণ নিয়ে উচ্চ আদালতে রিট দায়ের করা হয়েছিল। আদালতের আদেশের পরিপ্রেক্ষিতে নির্বাচন কমিশন এ দুই আসনের ভোট স্থগিত করেছে। প্রার্থীরা বলছেন, দ্রুত সিদ্ধান্ত না হলে ভোটাররা বঞ্চিত হবেন। কমিশন জানিয়েছে, আইনি প্রক্রিয়া শেষে নতুন তফসিল ঘোষণা করা হবে।

পাবনা-১ ও পাবনা-২ আসনের সীমানা নির্ধারণ নিয়ে উচ্চ আদালতে রিট দায়ের করা হয়েছিল। আদালতের আদেশের পরিপ্রেক্ষিতে নির্বাচন কমিশন এ দুই আসনের ভোট স্থগিত করেছে। প্রার্থীরা বলছেন, দ্রুত সিদ্ধান্ত না হলে ভোটাররা বঞ্চিত হবেন। কমিশন জানিয়েছে, আইনি প্রক্রিয়া শেষে নতুন তফসিল ঘোষণা করা হবে।

পাবনা-১ ও পাবনা-২ আসনের সীমানা নির্ধারণ নিয়ে উচ্চ আদালতে রিট দায়ের করা হয়েছিল। আদালতের আদেশের পরিপ্রেক্ষিতে নির্বাচন কমিশন এ দুই আসনের ভোট স্থগিত করেছে। প্রার্থীরা বলছেন, দ্রুত সিদ্ধান্ত না হলে ভোটাররা বঞ্চিত হবেন। কমিশন জানিয়েছে, আইনি প্রক্রিয়া শেষে নতুন তফসিল ঘোষণা করা হবে।

পাবনা-১ ও পাবনা-২ আসনের সীমানা নির্ধারণ নিয়ে উচ্চ আদালতে রিট দায়ের করা হয়েছিল। আদালতের আদেশের পরিপ্রেক্ষিতে নির্বাচন কমিশন এ দুই আসনের ভোট স্থগিত করেছে। প্রার্থীরা বলছেন, দ্রুত সিদ্ধান্ত না হলে ভোটাররা বঞ্চিত হবেন। কমিশন জানিয়েছে, আইনি প্রক্রিয়া শেষে নতুন তফসিল ঘোষণা করা হবে।

পাবনা-১ ও পাবনা-২ আসনের সীমানা নির্ধারণ নিয়ে উচ্চ আদালতে রিট দায়ের করা হয়েছিল। আদালতের আদেশের পরিপ্রেক্ষিতে নির্বাচন কমিশন এ দুই আসনের ভোট স্থগিত করেছে। প্রার্থীরা বলছেন, দ্রুত সিদ্ধান্ত না হলে ভোটাররা বঞ্চিত হবেন। কমিশন জানিয়েছে, আইনি প্রক্রিয়া শেষে নতুন তফসিল ঘোষণা করা হবে।

পাবনা-১ ও পাবনা-২ আসনের সীমানা নির্ধারণ নিয়ে উচ্চ আদালতে রিট দায়ের করা হয়েছিল। আদালতের আদেশের পরিপ্রেক্ষিতে নির্বাচন কমিশন এ দুই আসনের ভোট স্থগিত করেছে। প্রার্থীরা বলছেন, দ্রুত সিদ্ধান্ত না হলে ভোটাররা বঞ্চিত হবেন। কমিশন জানিয়েছে, আইনি প্রক্রিয়া শেষে নতুন তফসিল ঘোষণা করা হবে।

পাবনা-১ ও পাবনা-২ আসনের সীমানা নির্ধারণ নিয়ে উচ্চ আদালতে রিট দায়ের করা হয়েছিল। আদালতের আদেশের পরিপ্রেক্ষিতে নির্বাচন কমিশন এ দুই আসনের ভোট স্থগিত করেছে। প্রার্থীরা বলছেন, দ্রুত সিদ্ধান্ত না হলে ভোটাররা বঞ্চিত হবেন। কমিশন জানিয়েছে, আইনি প্রক্রিয়া শেষে নতুন তফসিল ঘোষণা করা হবে।
